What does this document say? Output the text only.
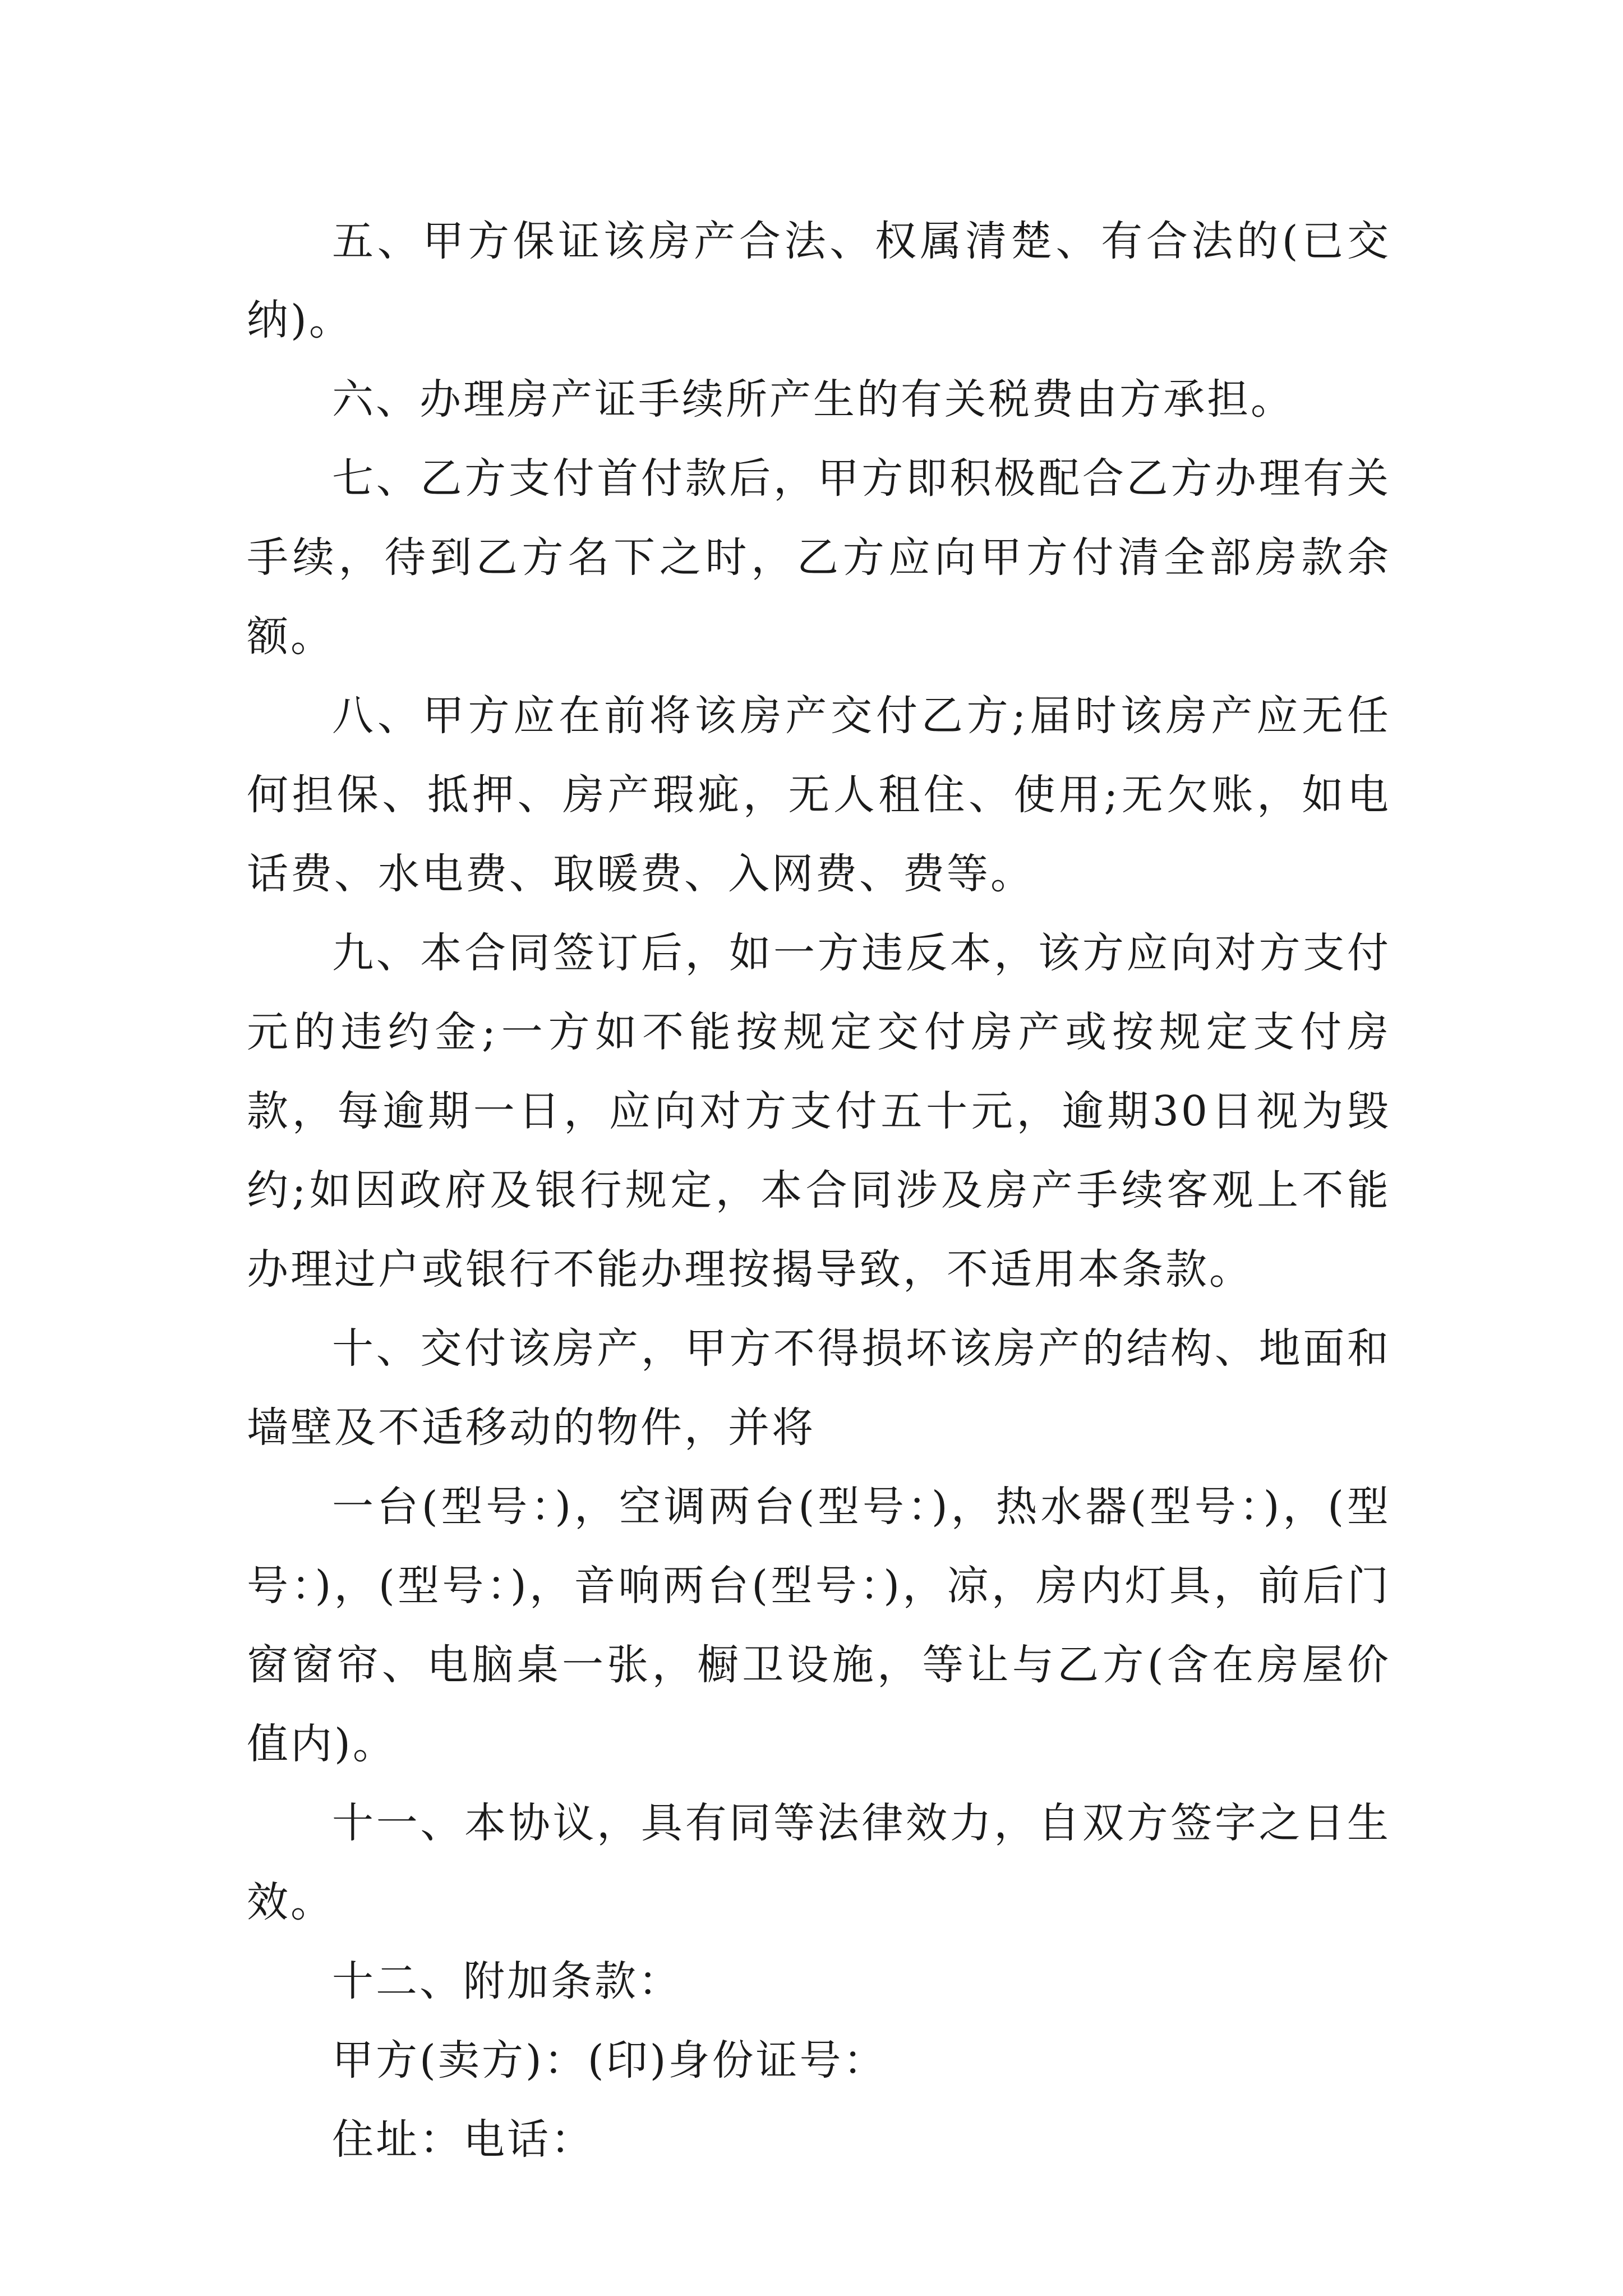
五、甲方保证该房产合法、权属清楚、有合法的(已交纳)。

六、办理房产证手续所产生的有关税费由方承担。

七、乙方支付首付款后，甲方即积极配合乙方办理有关手续，待到乙方名下之时，乙方应向甲方付清全部房款余额。

八、甲方应在前将该房产交付乙方;届时该房产应无任何担保、抵押、房产瑕疵，无人租住、使用;无欠账，如电话费、水电费、取暖费、入网费、费等。

九、本合同签订后，如一方违反本，该方应向对方支付元的违约金;一方如不能按规定交付房产或按规定支付房款，每逾期一日，应向对方支付五十元，逾期30日视为毁约;如因政府及银行规定，本合同涉及房产手续客观上不能办理过户或银行不能办理按揭导致，不适用本条款。

十、交付该房产，甲方不得损坏该房产的结构、地面和墙壁及不适移动的物件，并将

一台(型号：)，空调两台(型号：)，热水器(型号：)，(型号：)，(型号：)，音响两台(型号：)，凉，房内灯具，前后门窗窗帘、电脑桌一张，橱卫设施，等让与乙方(含在房屋价值内)。

十一、本协议，具有同等法律效力，自双方签字之日生效。

十二、附加条款：

甲方(卖方)：(印)身份证号：

住址：电话：
